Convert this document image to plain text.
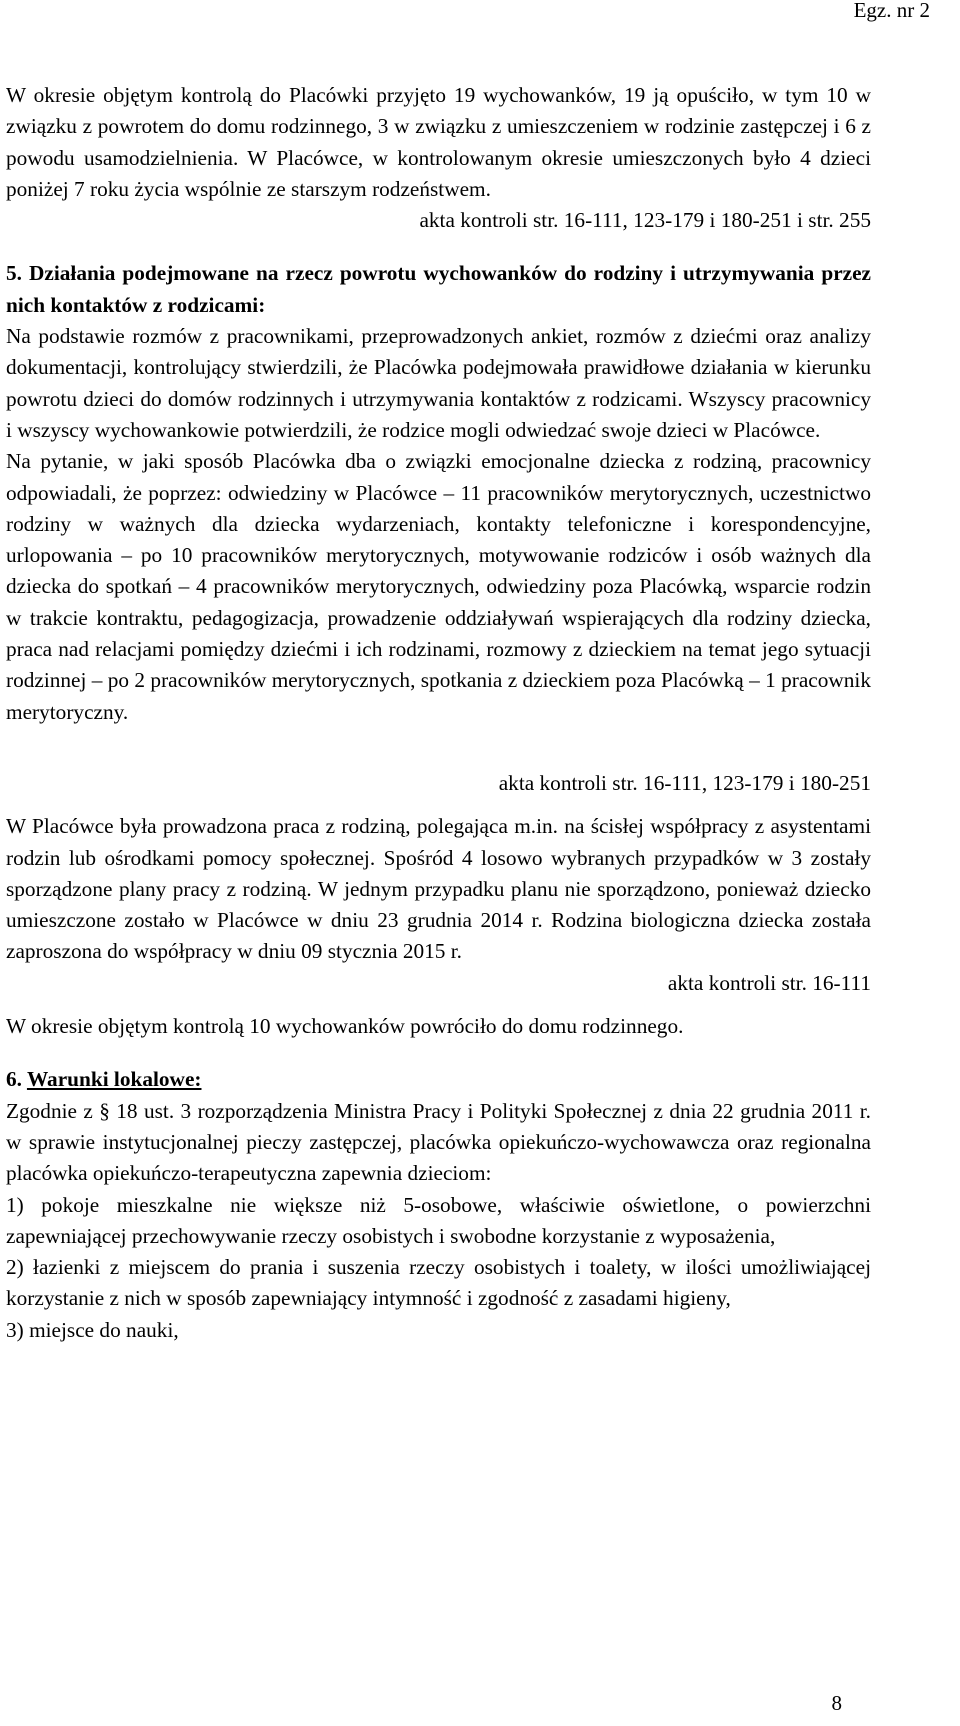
Egz. nr 2

W okresie objętym kontrolą do Placówki przyjęto 19 wychowanków, 19 ją opuściło, w tym 10 w związku z powrotem do domu rodzinnego, 3 w związku z umieszczeniem w rodzinie zastępczej i 6 z powodu usamodzielnienia. W Placówce, w kontrolowanym okresie umieszczonych było 4 dzieci poniżej 7 roku życia wspólnie ze starszym rodzeństwem.

akta kontroli str. 16-111, 123-179 i 180-251 i str. 255

5. Działania podejmowane na rzecz powrotu wychowanków do rodziny i utrzymywania przez nich kontaktów z rodzicami:

Na podstawie rozmów z pracownikami, przeprowadzonych ankiet, rozmów z dziećmi oraz analizy dokumentacji, kontrolujący stwierdzili, że Placówka podejmowała prawidłowe działania w kierunku powrotu dzieci do domów rodzinnych i utrzymywania kontaktów z rodzicami. Wszyscy pracownicy i wszyscy wychowankowie potwierdzili, że rodzice mogli odwiedzać swoje dzieci w Placówce.

Na pytanie, w jaki sposób Placówka dba o związki emocjonalne dziecka z rodziną, pracownicy odpowiadali, że poprzez: odwiedziny w Placówce – 11 pracowników merytorycznych, uczestnictwo rodziny w ważnych dla dziecka wydarzeniach, kontakty telefoniczne i korespondencyjne, urlopowania – po 10 pracowników merytorycznych, motywowanie rodziców i osób ważnych dla dziecka do spotkań – 4 pracowników merytorycznych, odwiedziny poza Placówką, wsparcie rodzin w trakcie kontraktu, pedagogizacja, prowadzenie oddziaływań wspierających dla rodziny dziecka, praca nad relacjami pomiędzy dziećmi i ich rodzinami, rozmowy z dzieckiem na temat jego sytuacji rodzinnej – po 2 pracowników merytorycznych, spotkania z dzieckiem poza Placówką – 1 pracownik merytoryczny.

akta kontroli str. 16-111, 123-179 i 180-251

W Placówce była prowadzona praca z rodziną, polegająca m.in. na ścisłej współpracy z asystentami rodzin lub ośrodkami pomocy społecznej. Spośród 4 losowo wybranych przypadków w 3 zostały sporządzone plany pracy z rodziną. W jednym przypadku planu nie sporządzono, ponieważ dziecko umieszczone zostało w Placówce w dniu 23 grudnia 2014 r. Rodzina biologiczna dziecka została zaproszona do współpracy w dniu 09 stycznia 2015 r.

akta kontroli str. 16-111

W okresie objętym kontrolą 10 wychowanków powróciło do domu rodzinnego.

6. Warunki lokalowe:

Zgodnie z § 18 ust. 3 rozporządzenia Ministra Pracy i Polityki Społecznej z dnia 22 grudnia 2011 r. w sprawie instytucjonalnej pieczy zastępczej, placówka opiekuńczo-wychowawcza oraz regionalna placówka opiekuńczo-terapeutyczna zapewnia dzieciom:

1) pokoje mieszkalne nie większe niż 5-osobowe, właściwie oświetlone, o powierzchni zapewniającej przechowywanie rzeczy osobistych i swobodne korzystanie z wyposażenia,

2) łazienki z miejscem do prania i suszenia rzeczy osobistych i toalety, w ilości umożliwiającej korzystanie z nich w sposób zapewniający intymność i zgodność z zasadami higieny,

3) miejsce do nauki,

8
